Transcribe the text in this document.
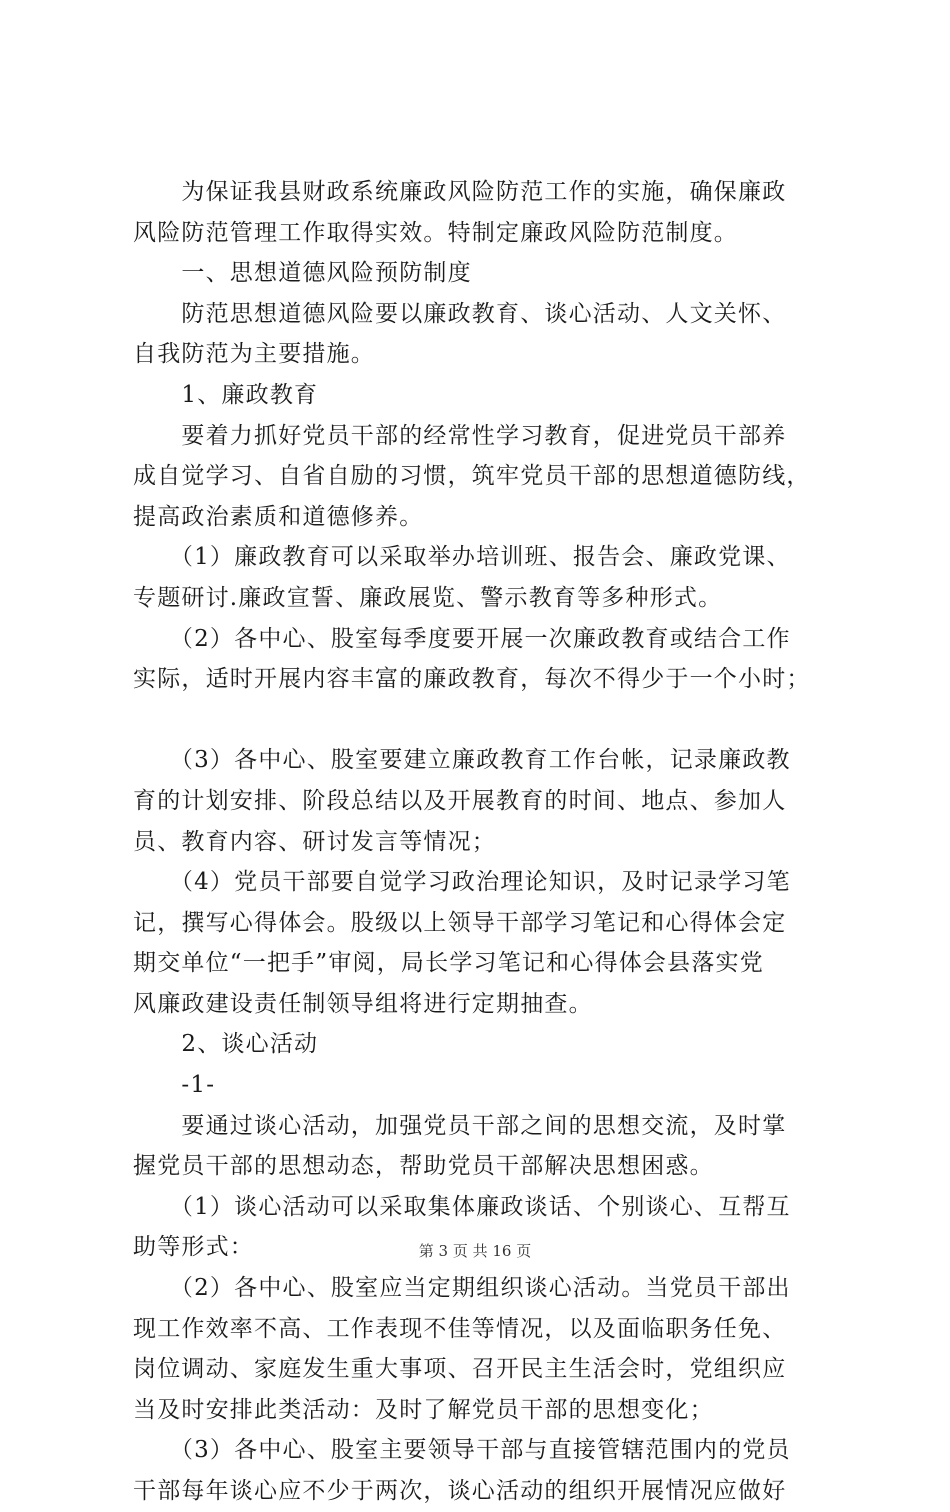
　　为保证我县财政系统廉政风险防范工作的实施，确保廉政
风险防范管理工作取得实效。特制定廉政风险防范制度。
　　一、思想道德风险预防制度
　　防范思想道德风险要以廉政教育、谈心活动、人文关怀、
自我防范为主要措施。
　　1、廉政教育
　　要着力抓好党员干部的经常性学习教育，促进党员干部养
成自觉学习、自省自励的习惯，筑牢党员干部的思想道德防线，
提高政治素质和道德修养。
　　（1）廉政教育可以采取举办培训班、报告会、廉政党课、
专题研讨.廉政宣誓、廉政展览、警示教育等多种形式。
　　（2）各中心、股室每季度要开展一次廉政教育或结合工作
实际，适时开展内容丰富的廉政教育，每次不得少于一个小时；
　　（3）各中心、股室要建立廉政教育工作台帐，记录廉政教
育的计划安排、阶段总结以及开展教育的时间、地点、参加人
员、教育内容、研讨发言等情况；
　　（4）党员干部要自觉学习政治理论知识，及时记录学习笔
记，撰写心得体会。股级以上领导干部学习笔记和心得体会定
期交单位“一把手”审阅，局长学习笔记和心得体会县落实党
风廉政建设责任制领导组将进行定期抽查。
　　2、谈心活动
　　-1-
　　要通过谈心活动，加强党员干部之间的思想交流，及时掌
握党员干部的思想动态，帮助党员干部解决思想困惑。
　　（1）谈心活动可以采取集体廉政谈话、个别谈心、互帮互
助等形式：
　　（2）各中心、股室应当定期组织谈心活动。当党员干部出
现工作效率不高、工作表现不佳等情况，以及面临职务任免、
岗位调动、家庭发生重大事项、召开民主生活会时，党组织应
当及时安排此类活动：及时了解党员干部的思想变化；
　　（3）各中心、股室主要领导干部与直接管辖范围内的党员
干部每年谈心应不少于两次，谈心活动的组织开展情况应做好
第 3 页 共 16 页
